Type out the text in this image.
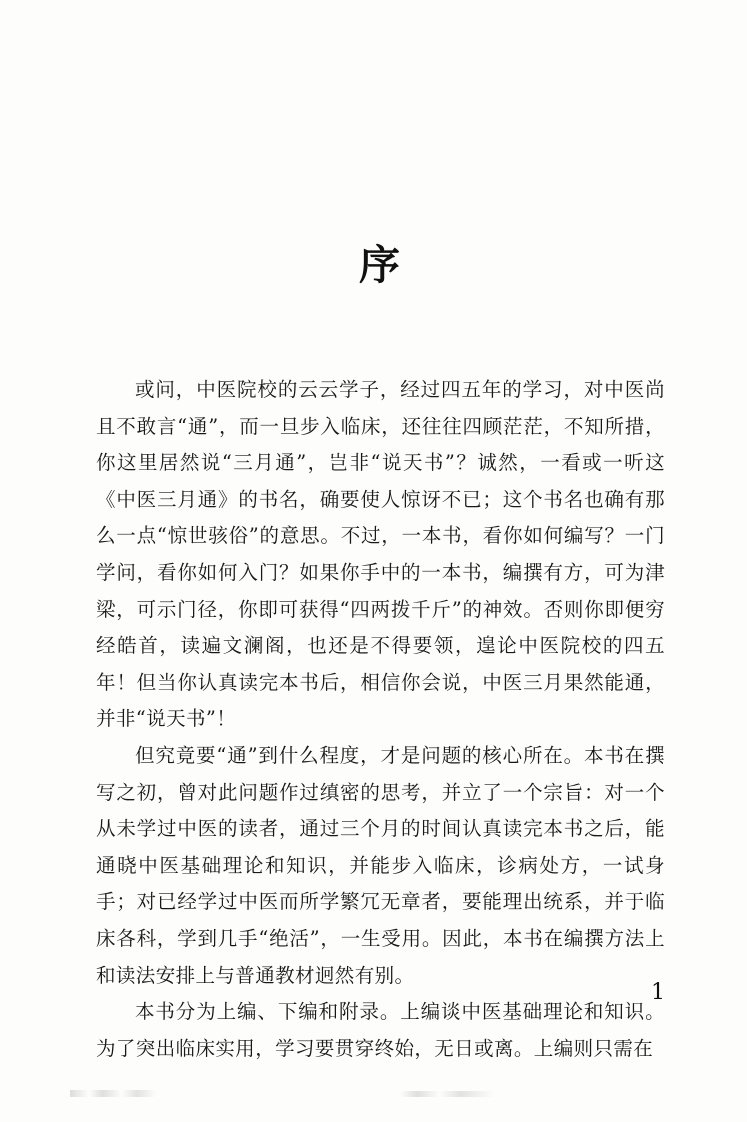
序

或问，中医院校的云云学子，经过四五年的学习，对中医尚且不敢言“通”，而一旦步入临床，还往往四顾茫茫，不知所措，你这里居然说“三月通”，岂非“说天书”？诚然，一看或一听这《中医三月通》的书名，确要使人惊讶不已；这个书名也确有那么一点“惊世骇俗”的意思。不过，一本书，看你如何编写？一门学问，看你如何入门？如果你手中的一本书，编撰有方，可为津梁，可示门径，你即可获得“四两拨千斤”的神效。否则你即便穷经皓首，读遍文澜阁，也还是不得要领，遑论中医院校的四五年！但当你认真读完本书后，相信你会说，中医三月果然能通，并非“说天书”！

但究竟要“通”到什么程度，才是问题的核心所在。本书在撰写之初，曾对此问题作过缜密的思考，并立了一个宗旨：对一个从未学过中医的读者，通过三个月的时间认真读完本书之后，能通晓中医基础理论和知识，并能步入临床，诊病处方，一试身手；对已经学过中医而所学繁冗无章者，要能理出统系，并于临床各科，学到几手“绝活”，一生受用。因此，本书在编撰方法上和读法安排上与普通教材迥然有别。

本书分为上编、下编和附录。上编谈中医基础理论和知识。为了突出临床实用，学习要贯穿终始，无日或离。上编则只需在

1
